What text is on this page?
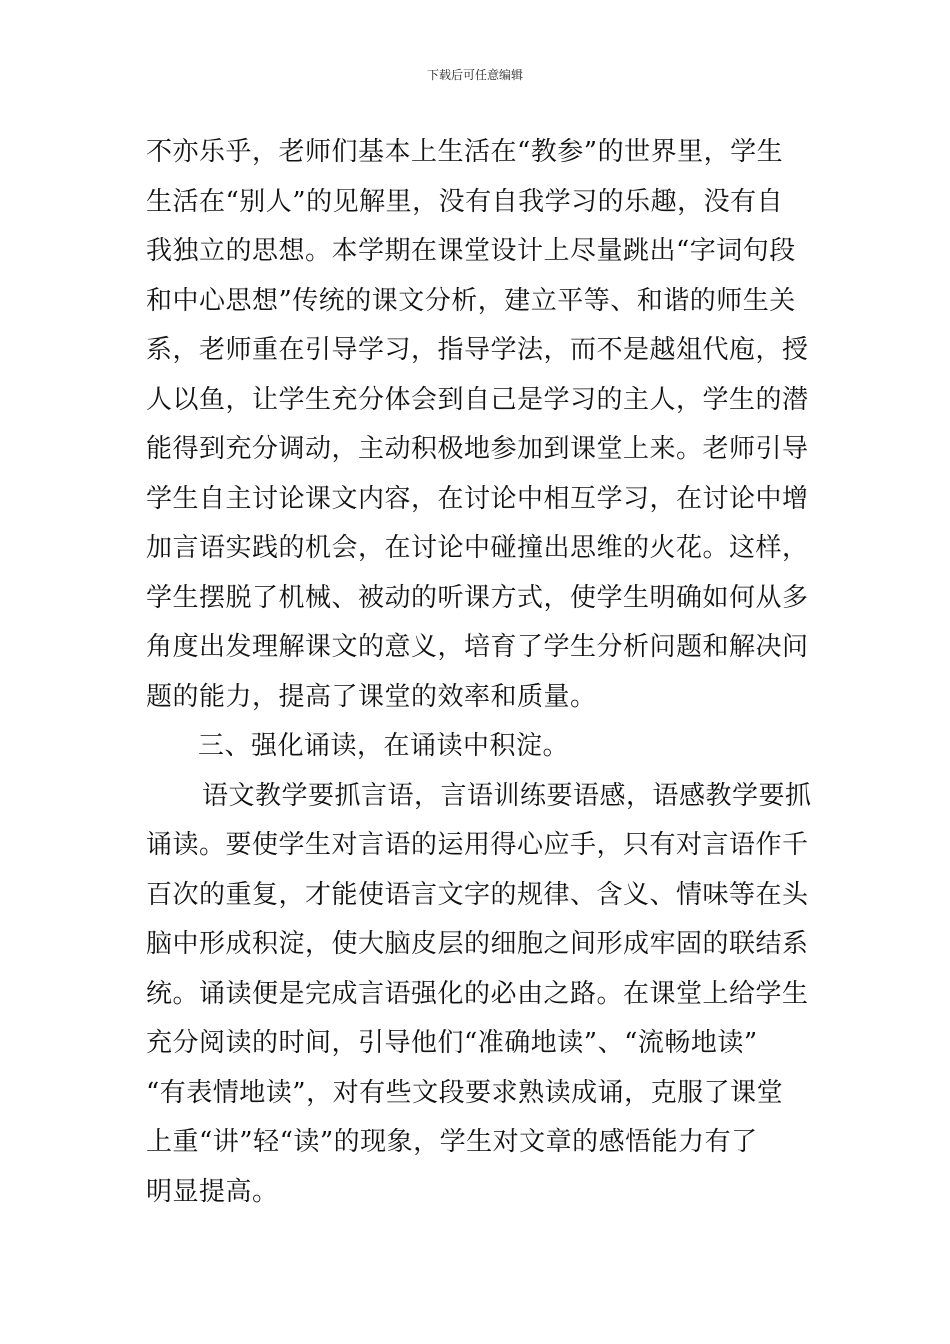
下载后可任意编辑
不亦乐乎，老师们基本上生活在“教参”的世界里，学生
生活在“别人”的见解里，没有自我学习的乐趣，没有自
我独立的思想。本学期在课堂设计上尽量跳出“字词句段
和中心思想”传统的课文分析，建立平等、和谐的师生关
系，老师重在引导学习，指导学法，而不是越俎代庖，授
人以鱼，让学生充分体会到自己是学习的主人，学生的潜
能得到充分调动，主动积极地参加到课堂上来。老师引导
学生自主讨论课文内容，在讨论中相互学习，在讨论中增
加言语实践的机会，在讨论中碰撞出思维的火花。这样，
学生摆脱了机械、被动的听课方式，使学生明确如何从多
角度出发理解课文的意义，培育了学生分析问题和解决问
题的能力，提高了课堂的效率和质量。
三、强化诵读，在诵读中积淀。
语文教学要抓言语，言语训练要语感，语感教学要抓
诵读。要使学生对言语的运用得心应手，只有对言语作千
百次的重复，才能使语言文字的规律、含义、情味等在头
脑中形成积淀，使大脑皮层的细胞之间形成牢固的联结系
统。诵读便是完成言语强化的必由之路。在课堂上给学生
充分阅读的时间，引导他们“准确地读”、“流畅地读”
“有表情地读”，对有些文段要求熟读成诵，克服了课堂
上重“讲”轻“读”的现象，学生对文章的感悟能力有了
明显提高。
